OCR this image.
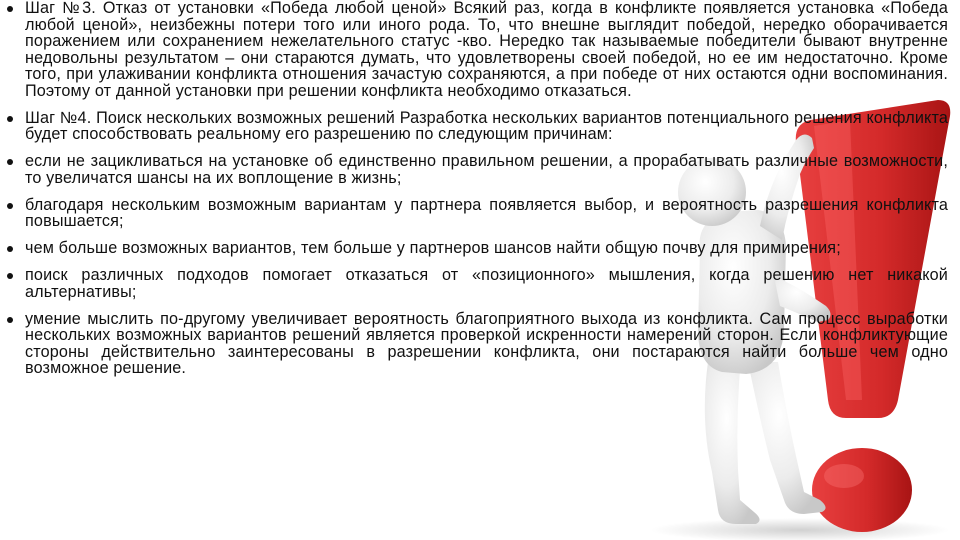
Шаг №3. Отказ от установки «Победа любой ценой» Всякий раз, когда в конфликте появляется установка «Победа любой ценой», неизбежны потери того или иного рода. То, что внешне выглядит победой, нередко оборачивается поражением или сохранением нежелательного статус -кво. Нередко так называемые победители бывают внутренне недовольны результатом – они стараются думать, что удовлетворены своей победой, но ее им недостаточно. Кроме того, при улаживании конфликта отношения зачастую сохраняются, а при победе от них остаются одни воспоминания. Поэтому от данной установки при решении конфликта необходимо отказаться.
Шаг №4. Поиск нескольких возможных решений Разработка нескольких вариантов потенциального решения конфликта будет способствовать реальному его разрешению по следующим причинам:
если не зацикливаться на установке об единственно правильном решении, а прорабатывать различные возможности, то увеличатся шансы на их воплощение в жизнь;
благодаря нескольким возможным вариантам у партнера появляется выбор, и вероятность разрешения конфликта повышается;
чем больше возможных вариантов, тем больше у партнеров шансов найти общую почву для примирения;
поиск различных подходов помогает отказаться от «позиционного» мышления, когда решению нет никакой альтернативы;
умение мыслить по-другому увеличивает вероятность благоприятного выхода из конфликта. Сам процесс выработки нескольких возможных вариантов решений является проверкой искренности намерений сторон. Если конфликтующие стороны действительно заинтересованы в разрешении конфликта, они постараются найти больше чем одно возможное решение.
